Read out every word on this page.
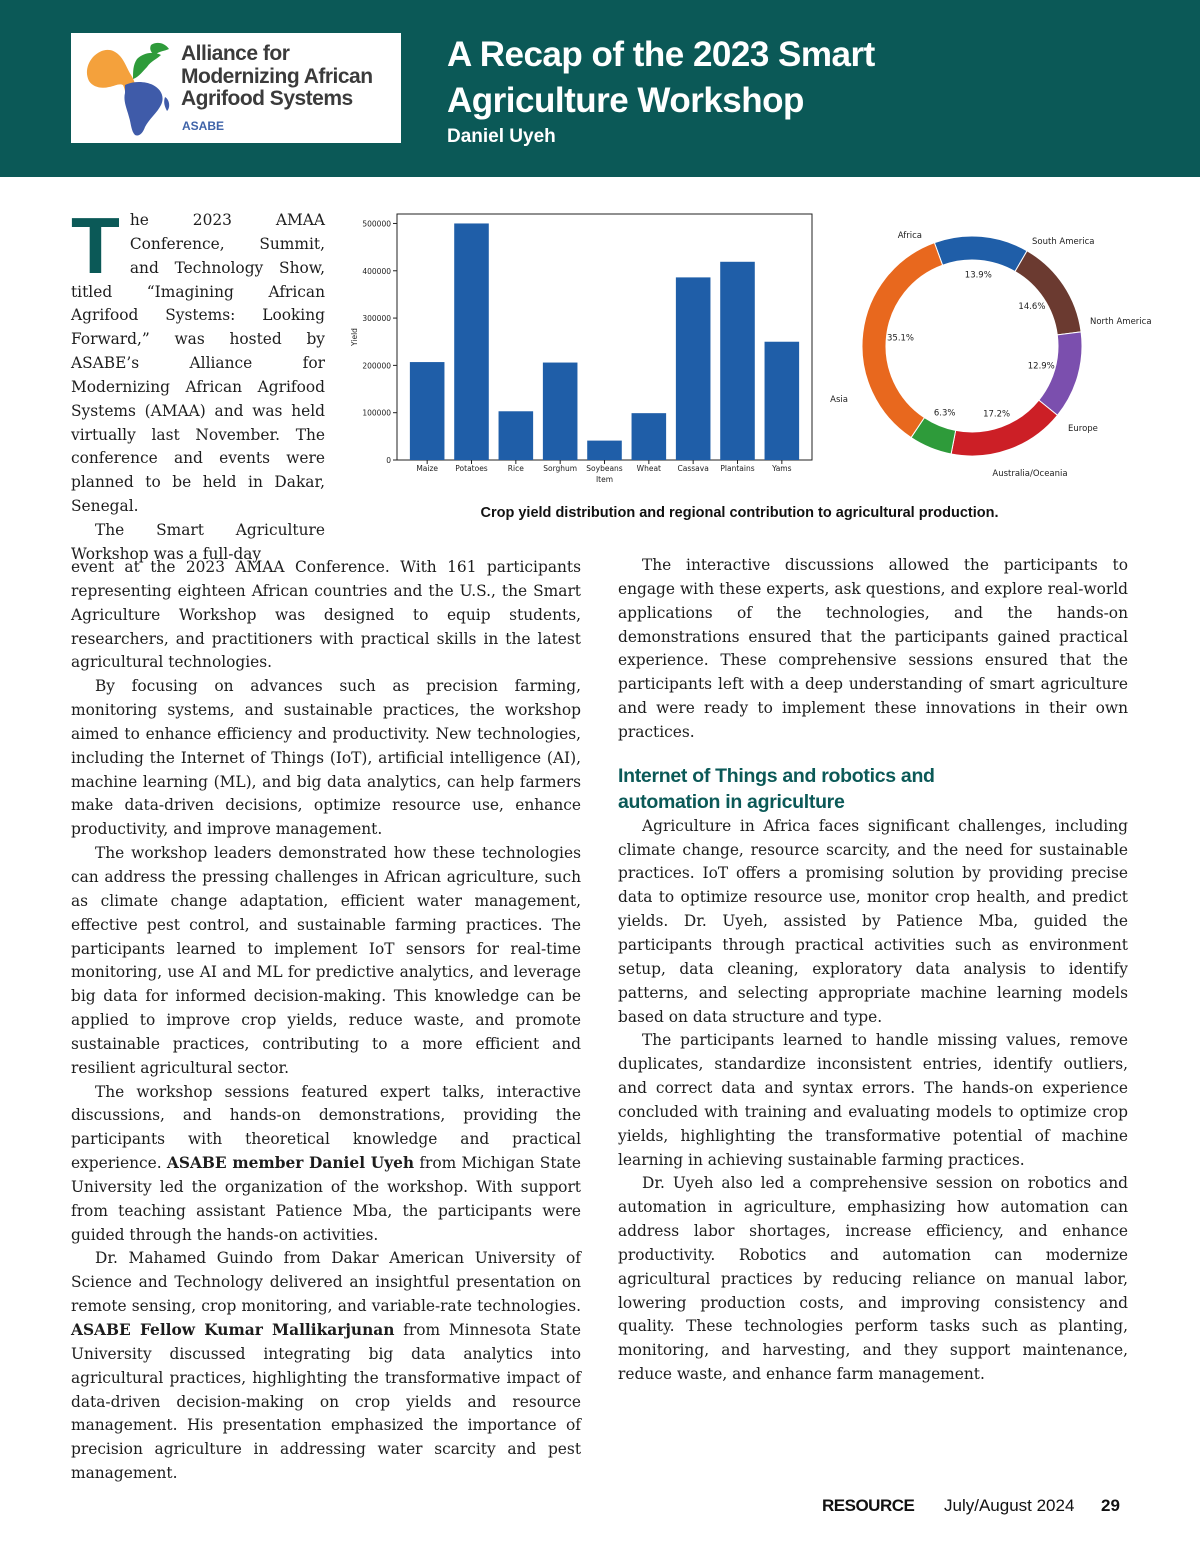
Alliance for
Modernizing African
Agrifood Systems
ASABE
A Recap of the 2023 Smart
Agriculture Workshop
Daniel Uyeh

The 2023 AMAA Conference, Summit, and Technology Show, titled “Imagining African Agrifood Systems: Looking Forward,” was hosted by ASABE’s Alliance for Modernizing African Agrifood Systems (AMAA) and was held virtually last November. The conference and events were planned to be held in Dakar, Senegal.

The Smart Agriculture Workshop was a full-day

0
100000
200000
300000
400000
500000
Maize Potatoes	Rice	Sorghum Soybeans Wheat Cassava Plantains Yams
Item
Yield
13.9%
Africa
14.6%
South America
12.9%
North America
17.2%
Europe
6.3%
Australia/Oceania
35.1%
Asia
Crop yield distribution and regional contribution to agricultural production.

event at the 2023 AMAA Conference. With 161 participants representing eighteen African countries and the U.S., the Smart Agriculture Workshop was designed to equip students, researchers, and practitioners with practical skills in the latest agricultural technologies.

By focusing on advances such as precision farming, monitoring systems, and sustainable practices, the workshop aimed to enhance efficiency and productivity. New technologies, including the Internet of Things (IoT), artificial intelligence (AI), machine learning (ML), and big data analytics, can help farmers make data-driven decisions, optimize resource use, enhance productivity, and improve management.

The workshop leaders demonstrated how these technologies can address the pressing challenges in African agriculture, such as climate change adaptation, efficient water management, effective pest control, and sustainable farming practices. The participants learned to implement IoT sensors for real-time monitoring, use AI and ML for predictive analytics, and leverage big data for informed decision-making. This knowledge can be applied to improve crop yields, reduce waste, and promote sustainable practices, contributing to a more efficient and resilient agricultural sector.

The workshop sessions featured expert talks, interactive discussions, and hands-on demonstrations, providing the participants with theoretical knowledge and practical experience. ASABE member Daniel Uyeh from Michigan State University led the organization of the workshop. With support from teaching assistant Patience Mba, the participants were guided through the hands-on activities.

Dr. Mahamed Guindo from Dakar American University of Science and Technology delivered an insightful presentation on remote sensing, crop monitoring, and variable-rate technologies. ASABE Fellow Kumar Mallikarjunan from Minnesota State University discussed integrating big data analytics into agricultural practices, highlighting the transformative impact of data-driven decision-making on crop yields and resource management. His presentation emphasized the importance of precision agriculture in addressing water scarcity and pest management.

The interactive discussions allowed the participants to engage with these experts, ask questions, and explore real-world applications of the technologies, and the hands-on demonstrations ensured that the participants gained practical experience. These comprehensive sessions ensured that the participants left with a deep understanding of smart agriculture and were ready to implement these innovations in their own practices.

Internet of Things and robotics and
automation in agriculture

Agriculture in Africa faces significant challenges, including climate change, resource scarcity, and the need for sustainable practices. IoT offers a promising solution by providing precise data to optimize resource use, monitor crop health, and predict yields. Dr. Uyeh, assisted by Patience Mba, guided the participants through practical activities such as environment setup, data cleaning, exploratory data analysis to identify patterns, and selecting appropriate machine learning models based on data structure and type.

The participants learned to handle missing values, remove duplicates, standardize inconsistent entries, identify outliers, and correct data and syntax errors. The hands-on experience concluded with training and evaluating models to optimize crop yields, highlighting the transformative potential of machine learning in achieving sustainable farming practices.

Dr. Uyeh also led a comprehensive session on robotics and automation in agriculture, emphasizing how automation can address labor shortages, increase efficiency, and enhance productivity. Robotics and automation can modernize agricultural practices by reducing reliance on manual labor, lowering production costs, and improving consistency and quality. These technologies perform tasks such as planting, monitoring, and harvesting, and they support maintenance, reduce waste, and enhance farm management.

RESOURCE July/August 2024 29
